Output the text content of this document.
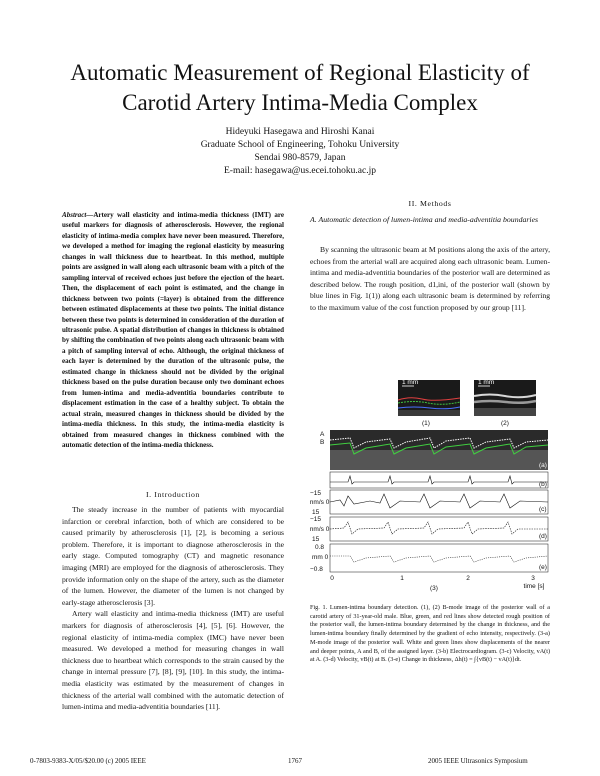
Automatic Measurement of Regional Elasticity of
Carotid Artery Intima-Media Complex
Hideyuki Hasegawa and Hiroshi Kanai
Graduate School of Engineering, Tohoku University
Sendai 980-8579, Japan
E-mail: hasegawa@us.ecei.tohoku.ac.jp
Abstract—Artery wall elasticity and intima-media thickness (IMT) are useful markers for diagnosis of atherosclerosis. However, the regional elasticity of intima-media complex have never been measured. Therefore, we developed a method for imaging the regional elasticity by measuring changes in wall thickness due to heartbeat. In this method, multiple points are assigned in wall along each ultrasonic beam with a pitch of the sampling interval of received echoes just before the ejection of the heart. Then, the displacement of each point is estimated, and the change in thickness between two points (=layer) is obtained from the difference between estimated displacements at these two points. The initial distance between these two points is determined in consideration of the duration of ultrasonic pulse. A spatial distribution of changes in thickness is obtained by shifting the combination of two points along each ultrasonic beam with a pitch of sampling interval of echo. Although, the original thickness of each layer is determined by the duration of the ultrasonic pulse, the estimated change in thickness should not be divided by the original thickness based on the pulse duration because only two dominant echoes from lumen-intima and media-adventitia boundaries contribute to displacement estimation in the case of a healthy subject. To obtain the actual strain, measured changes in thickness should be divided by the intima-media thickness. In this study, the intima-media elasticity is obtained from measured changes in thickness combined with the automatic detection of the intima-media thickness.
I. Introduction

The steady increase in the number of patients with myocardial infarction or cerebral infarction, both of which are considered to be caused primarily by atherosclerosis [1], [2], is becoming a serious problem. Therefore, it is important to diagnose atherosclerosis in the early stage. Computed tomography (CT) and magnetic resonance imaging (MRI) are employed for the diagnosis of atherosclerosis. They provide information only on the shape of the artery, such as the diameter of the lumen. However, the diameter of the lumen is not changed by early-stage atherosclerosis [3].

Artery wall elasticity and intima-media thickness (IMT) are useful markers for diagnosis of atherosclerosis [4], [5], [6]. However, the regional elasticity of intima-media complex (IMC) have never been measured. We developed a method for measuring changes in wall thickness due to heartbeat which corresponds to the strain caused by the change in internal pressure [7], [8], [9], [10]. In this study, the intima-media elasticity was estimated by the measurement of changes in thickness of the arterial wall combined with the automatic detection of lumen-intima and media-adventitia boundaries [11].

II. Methods
A. Automatic detection of lumen-intima and media-adventitia boundaries

By scanning the ultrasonic beam at M positions along the axis of the artery, echoes from the arterial wall are acquired along each ultrasonic beam. Lumen-intima and media-adventitia boundaries of the posterior wall are determined as described below. The rough position, d1,ini, of the posterior wall (shown by blue lines in Fig. 1(1)) along each ultrasonic beam is determined by referring to the maximum value of the cost function proposed by our group [11].

1 mm
(1)
1 mm
(2)
A
B
(a)
(b)
−15
mm/s 0
15	(c)
−15
mm/s 0
15	(d)
0.8
mm 0
−0.8	(e)
0	1	2	3
(3)	time [s]
Fig. 1. Lumen-intima boundary detection. (1), (2) B-mode image of the posterior wall of a carotid artery of 31-year-old male. Blue, green, and red lines show detected rough position of the posterior wall, the lumen-intima boundary determined by the change in thickness, and the lumen-intima boundary finally determined by the gradient of echo intensity, respectively. (3-a) M-mode image of the posterior wall. White and green lines show displacements of the nearer and deeper points, A and B, of the assigned layer. (3-b) Electrocardiogram. (3-c) Velocity, vA(t) at A. (3-d) Velocity, vB(t) at B. (3-e) Change in thickness, Δh(t) = ∫{vB(t) − vA(t)}dt.
0-7803-9383-X/05/$20.00 (c) 2005 IEEE	1767	2005 IEEE Ultrasonics Symposium
